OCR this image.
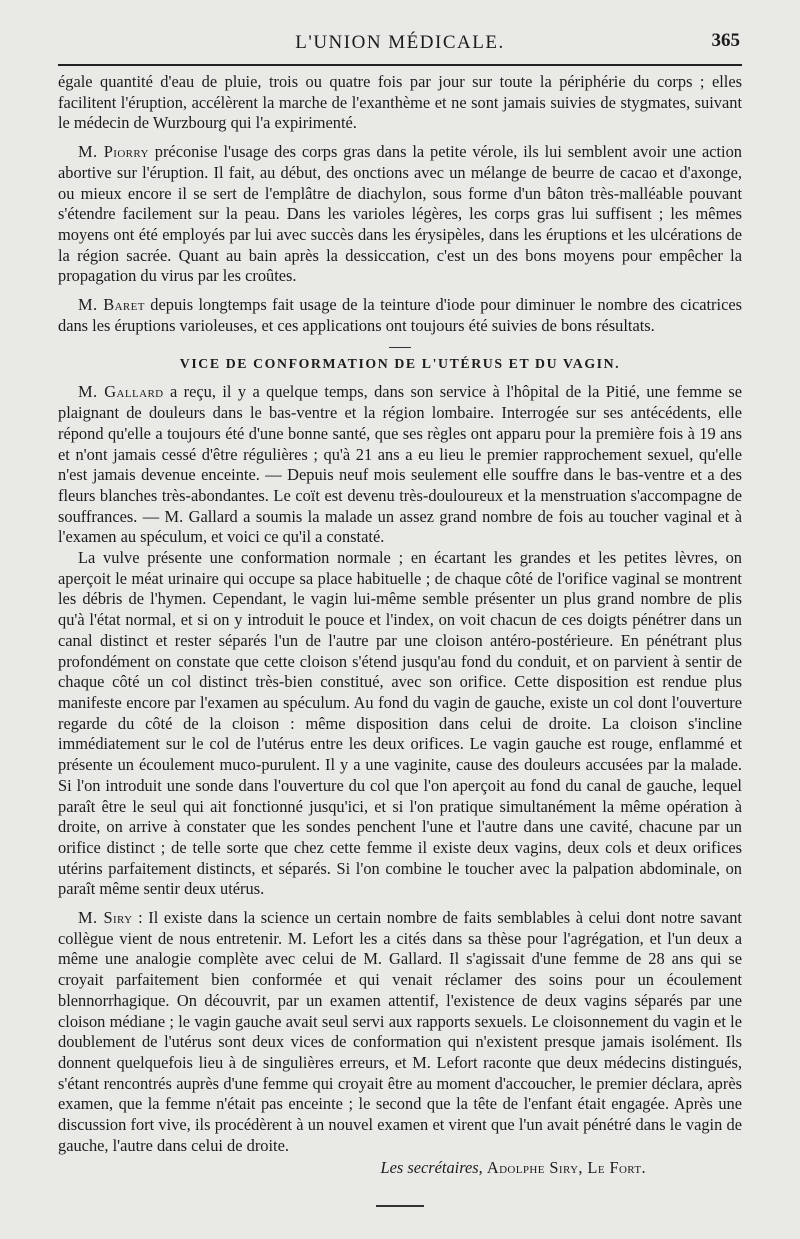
L'UNION MÉDICALE.	365

égale quantité d'eau de pluie, trois ou quatre fois par jour sur toute la périphérie du corps ; elles facilitent l'éruption, accélèrent la marche de l'exanthème et ne sont jamais suivies de stygmates, suivant le médecin de Wurzbourg qui l'a expirimenté.

M. Piorry préconise l'usage des corps gras dans la petite vérole, ils lui semblent avoir une action abortive sur l'éruption. Il fait, au début, des onctions avec un mélange de beurre de cacao et d'axonge, ou mieux encore il se sert de l'emplâtre de diachylon, sous forme d'un bâton très-malléable pouvant s'étendre facilement sur la peau. Dans les varioles légères, les corps gras lui suffisent ; les mêmes moyens ont été employés par lui avec succès dans les érysipèles, dans les éruptions et les ulcérations de la région sacrée. Quant au bain après la dessiccation, c'est un des bons moyens pour empêcher la propagation du virus par les croûtes.

M. Baret depuis longtemps fait usage de la teinture d'iode pour diminuer le nombre des cicatrices dans les éruptions varioleuses, et ces applications ont toujours été suivies de bons résultats.

VICE DE CONFORMATION DE L'UTÉRUS ET DU VAGIN.

M. Gallard a reçu, il y a quelque temps, dans son service à l'hôpital de la Pitié, une femme se plaignant de douleurs dans le bas-ventre et la région lombaire. Interrogée sur ses antécédents, elle répond qu'elle a toujours été d'une bonne santé, que ses règles ont apparu pour la première fois à 19 ans et n'ont jamais cessé d'être régulières ; qu'à 21 ans a eu lieu le premier rapprochement sexuel, qu'elle n'est jamais devenue enceinte. — Depuis neuf mois seulement elle souffre dans le bas-ventre et a des fleurs blanches très-abondantes. Le coït est devenu très-douloureux et la menstruation s'accompagne de souffrances. — M. Gallard a soumis la malade un assez grand nombre de fois au toucher vaginal et à l'examen au spéculum, et voici ce qu'il a constaté.

La vulve présente une conformation normale ; en écartant les grandes et les petites lèvres, on aperçoit le méat urinaire qui occupe sa place habituelle ; de chaque côté de l'orifice vaginal se montrent les débris de l'hymen. Cependant, le vagin lui-même semble présenter un plus grand nombre de plis qu'à l'état normal, et si on y introduit le pouce et l'index, on voit chacun de ces doigts pénétrer dans un canal distinct et rester séparés l'un de l'autre par une cloison antéro-postérieure. En pénétrant plus profondément on constate que cette cloison s'étend jusqu'au fond du conduit, et on parvient à sentir de chaque côté un col distinct très-bien constitué, avec son orifice. Cette disposition est rendue plus manifeste encore par l'examen au spéculum. Au fond du vagin de gauche, existe un col dont l'ouverture regarde du côté de la cloison : même disposition dans celui de droite. La cloison s'incline immédiatement sur le col de l'utérus entre les deux orifices. Le vagin gauche est rouge, enflammé et présente un écoulement muco-purulent. Il y a une vaginite, cause des douleurs accusées par la malade. Si l'on introduit une sonde dans l'ouverture du col que l'on aperçoit au fond du canal de gauche, lequel paraît être le seul qui ait fonctionné jusqu'ici, et si l'on pratique simultanément la même opération à droite, on arrive à constater que les sondes penchent l'une et l'autre dans une cavité, chacune par un orifice distinct ; de telle sorte que chez cette femme il existe deux vagins, deux cols et deux orifices utérins parfaitement distincts, et séparés. Si l'on combine le toucher avec la palpation abdominale, on paraît même sentir deux utérus.

M. Siry : Il existe dans la science un certain nombre de faits semblables à celui dont notre savant collègue vient de nous entretenir. M. Lefort les a cités dans sa thèse pour l'agrégation, et l'un deux a même une analogie complète avec celui de M. Gallard. Il s'agissait d'une femme de 28 ans qui se croyait parfaitement bien conformée et qui venait réclamer des soins pour un écoulement blennorrhagique. On découvrit, par un examen attentif, l'existence de deux vagins séparés par une cloison médiane ; le vagin gauche avait seul servi aux rapports sexuels. Le cloisonnement du vagin et le doublement de l'utérus sont deux vices de conformation qui n'existent presque jamais isolément. Ils donnent quelquefois lieu à de singulières erreurs, et M. Lefort raconte que deux médecins distingués, s'étant rencontrés auprès d'une femme qui croyait être au moment d'accoucher, le premier déclara, après examen, que la femme n'était pas enceinte ; le second que la tête de l'enfant était engagée. Après une discussion fort vive, ils procédèrent à un nouvel examen et virent que l'un avait pénétré dans le vagin de gauche, l'autre dans celui de droite.

Les secrétaires, Adolphe Siry, Le Fort.
